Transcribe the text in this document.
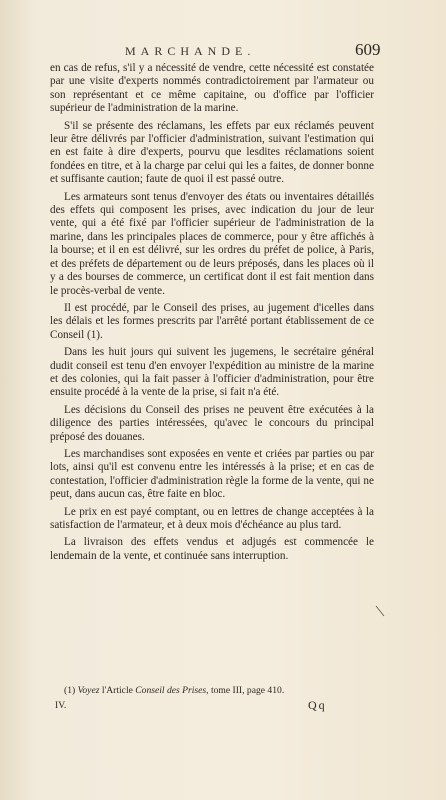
MARCHANDE.	609

en cas de refus, s'il y a nécessité de vendre, cette nécessité est constatée par une visite d'experts nommés contradictoirement par l'armateur ou son représentant et ce même capitaine, ou d'office par l'officier supérieur de l'administration de la marine.

S'il se présente des réclamans, les effets par eux réclamés peuvent leur être délivrés par l'officier d'administration, suivant l'estimation qui en est faite à dire d'experts, pourvu que lesdites réclamations soient fondées en titre, et à la charge par celui qui les a faites, de donner bonne et suffisante caution; faute de quoi il est passé outre.

Les armateurs sont tenus d'envoyer des états ou inventaires détaillés des effets qui composent les prises, avec indication du jour de leur vente, qui a été fixé par l'officier supérieur de l'administration de la marine, dans les principales places de commerce, pour y être affichés à la bourse; et il en est délivré, sur les ordres du préfet de police, à Paris, et des préfets de département ou de leurs préposés, dans les places où il y a des bourses de commerce, un certificat dont il est fait mention dans le procès-verbal de vente.

Il est procédé, par le Conseil des prises, au jugement d'icelles dans les délais et les formes prescrits par l'arrêté portant établissement de ce Conseil (1).

Dans les huit jours qui suivent les jugemens, le secrétaire général dudit conseil est tenu d'en envoyer l'expédition au ministre de la marine et des colonies, qui la fait passer à l'officier d'administration, pour être ensuite procédé à la vente de la prise, si fait n'a été.

Les décisions du Conseil des prises ne peuvent être exécutées à la diligence des parties intéressées, qu'avec le concours du principal préposé des douanes.

Les marchandises sont exposées en vente et criées par parties ou par lots, ainsi qu'il est convenu entre les intéressés à la prise; et en cas de contestation, l'officier d'administration règle la forme de la vente, qui ne peut, dans aucun cas, être faite en bloc.

Le prix en est payé comptant, ou en lettres de change acceptées à la satisfaction de l'armateur, et à deux mois d'échéance au plus tard.

La livraison des effets vendus et adjugés est commencée le lendemain de la vente, et continuée sans interruption.

(1) Voyez l'Article Conseil des Prises, tome III, page 410.
IV.	Qq
